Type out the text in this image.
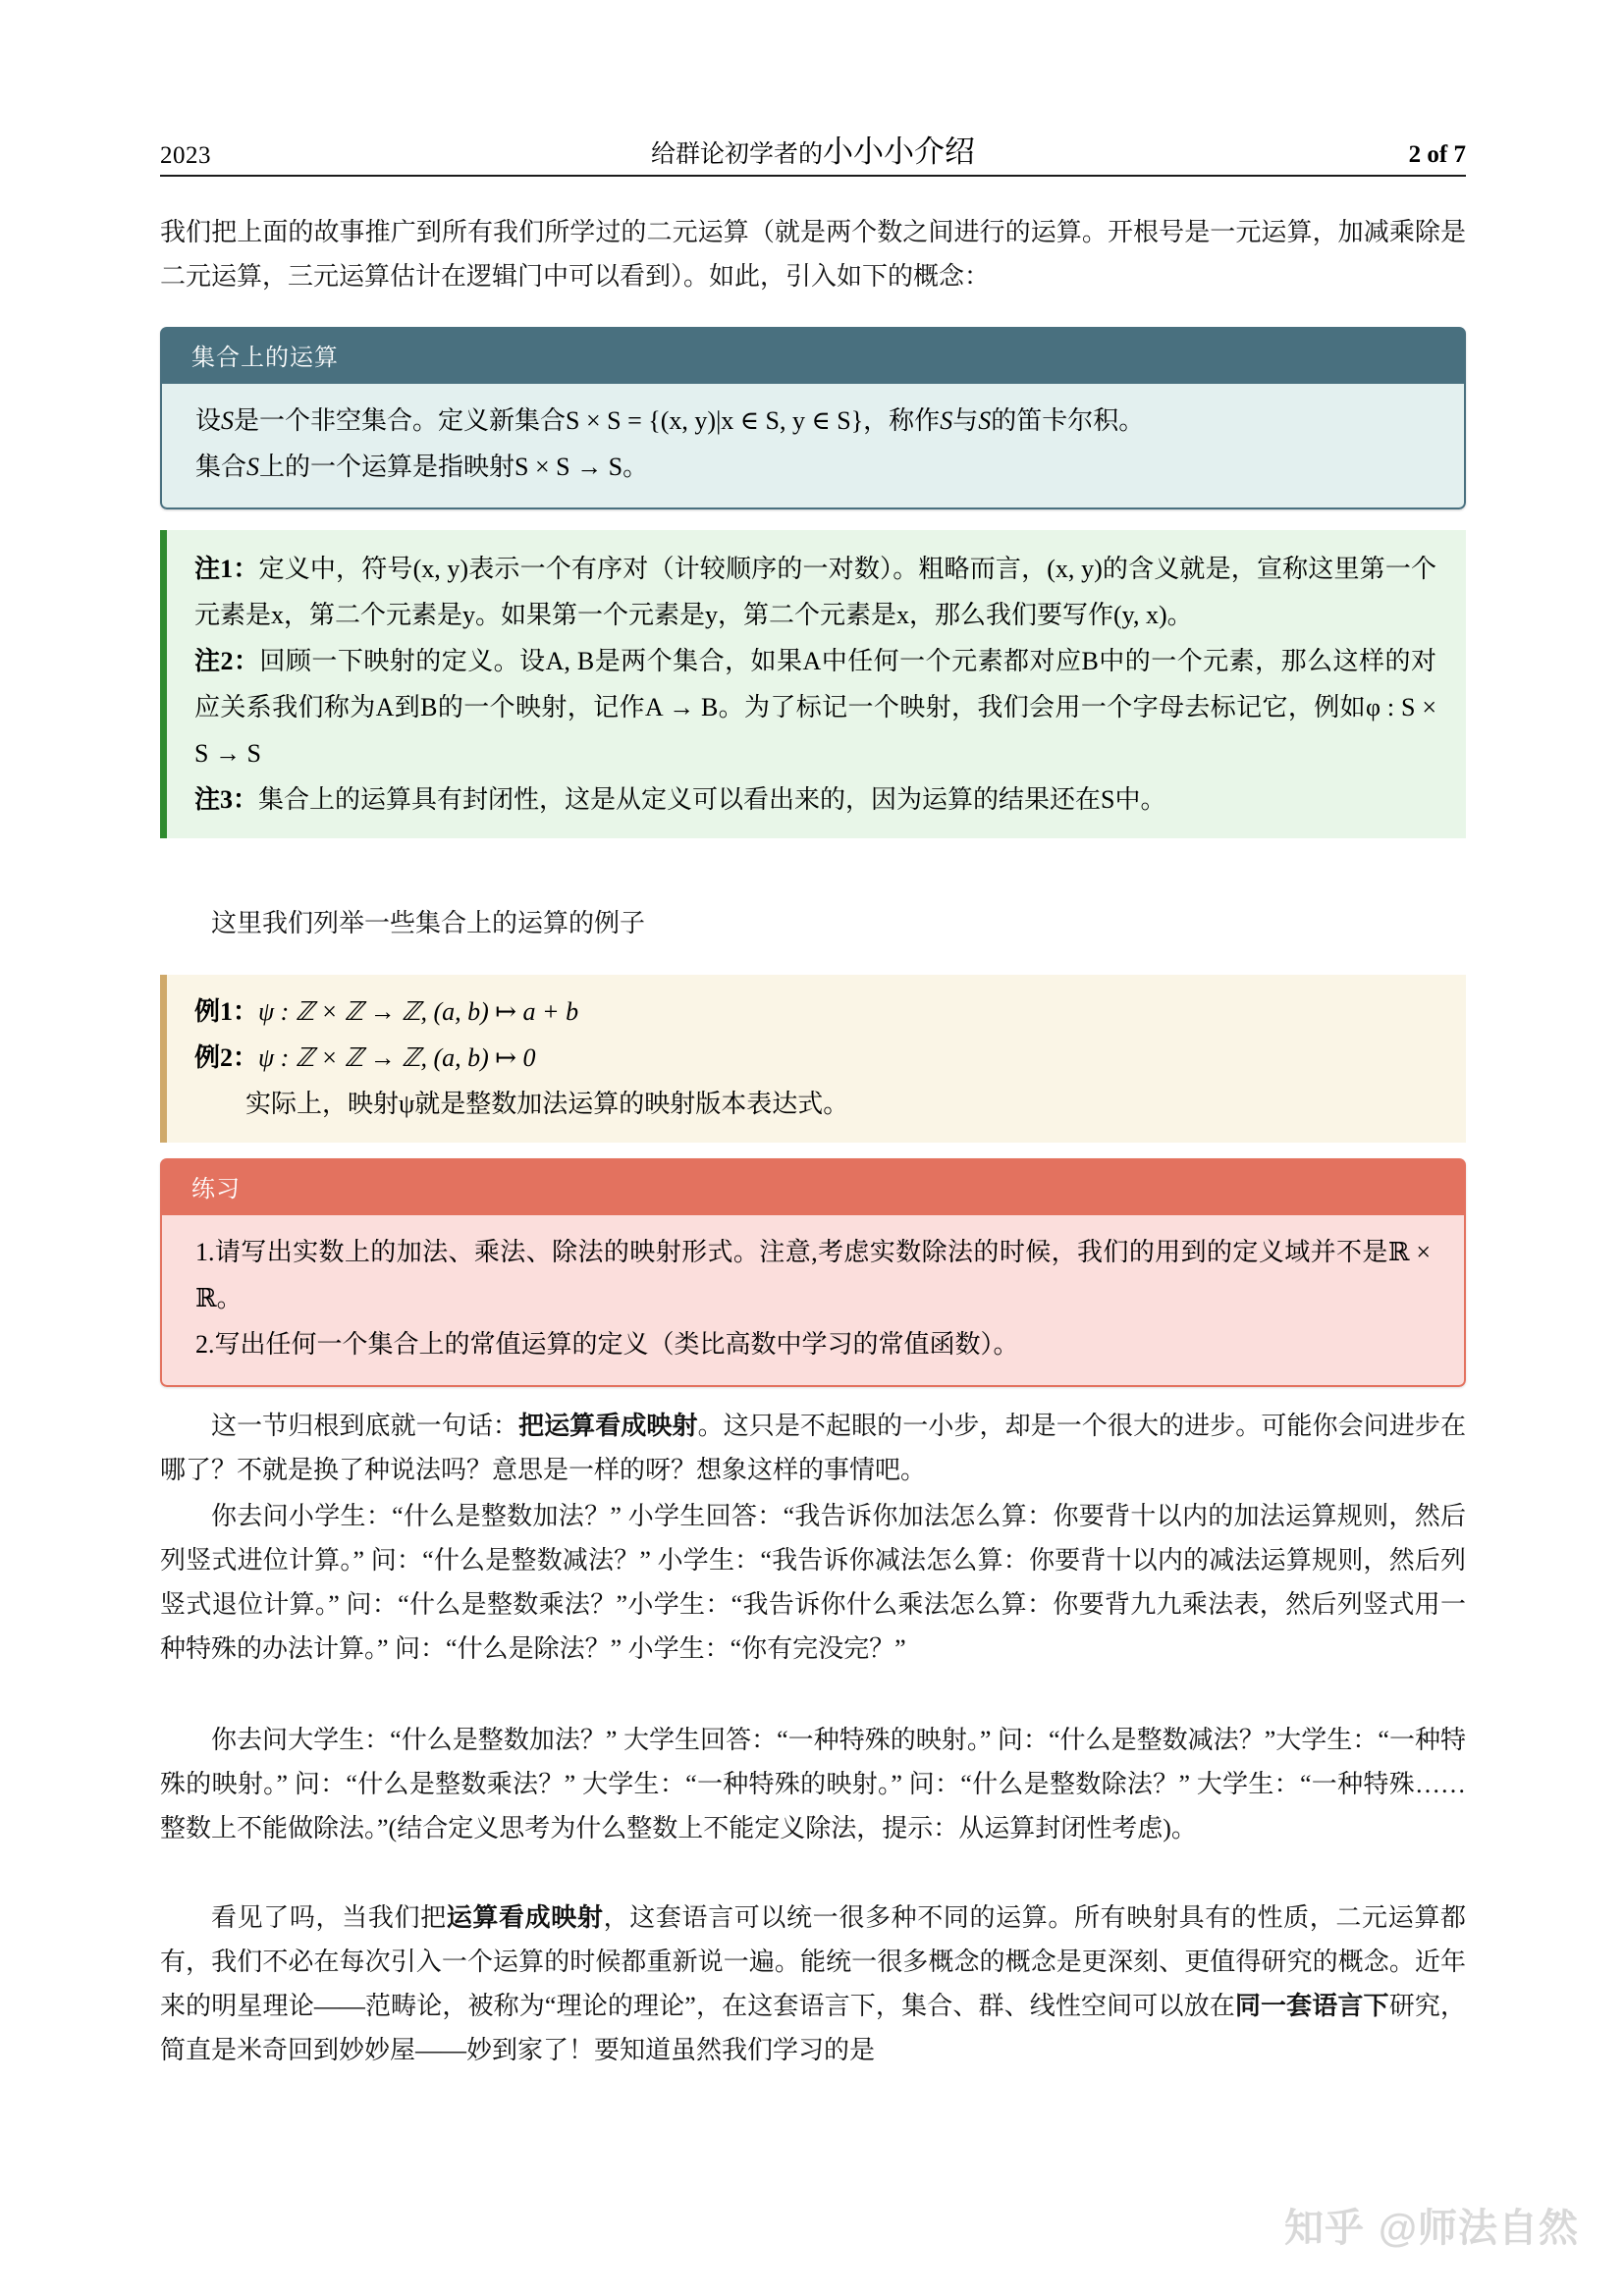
2023	给群论初学者的小小小介绍	2 of 7
我们把上面的故事推广到所有我们所学过的二元运算（就是两个数之间进行的运算。开根号是一元运算，加减乘除是二元运算，三元运算估计在逻辑门中可以看到）。如此，引入如下的概念：
集合上的运算
设S是一个非空集合。定义新集合S × S = {(x, y)|x ∈ S, y ∈ S}，称作S与S的笛卡尔积。
集合S上的一个运算是指映射S × S → S。
注1：定义中，符号(x, y)表示一个有序对（计较顺序的一对数）。粗略而言，(x, y)的含义就是，宣称这里第一个元素是x，第二个元素是y。如果第一个元素是y，第二个元素是x，那么我们要写作(y, x)。
注2：回顾一下映射的定义。设A, B是两个集合，如果A中任何一个元素都对应B中的一个元素，那么这样的对应关系我们称为A到B的一个映射，记作A → B。为了标记一个映射，我们会用一个字母去标记它，例如φ : S × S → S
注3：集合上的运算具有封闭性，这是从定义可以看出来的，因为运算的结果还在S中。
这里我们列举一些集合上的运算的例子
例1：ψ : ℤ × ℤ → ℤ, (a, b) ↦ a + b
例2：ψ : ℤ × ℤ → ℤ, (a, b) ↦ 0
实际上，映射ψ就是整数加法运算的映射版本表达式。
练习
1.请写出实数上的加法、乘法、除法的映射形式。注意,考虑实数除法的时候，我们的用到的定义域并不是ℝ × ℝ。
2.写出任何一个集合上的常值运算的定义（类比高数中学习的常值函数）。
这一节归根到底就一句话：把运算看成映射。这只是不起眼的一小步，却是一个很大的进步。可能你会问进步在哪了？不就是换了种说法吗？意思是一样的呀？想象这样的事情吧。
你去问小学生：“什么是整数加法？” 小学生回答：“我告诉你加法怎么算：你要背十以内的加法运算规则，然后列竖式进位计算。” 问：“什么是整数减法？” 小学生：“我告诉你减法怎么算：你要背十以内的减法运算规则，然后列竖式退位计算。” 问：“什么是整数乘法？”小学生：“我告诉你什么乘法怎么算：你要背九九乘法表，然后列竖式用一种特殊的办法计算。” 问：“什么是除法？” 小学生：“你有完没完？”
你去问大学生：“什么是整数加法？” 大学生回答：“一种特殊的映射。” 问：“什么是整数减法？”大学生：“一种特殊的映射。” 问：“什么是整数乘法？” 大学生：“一种特殊的映射。” 问：“什么是整数除法？” 大学生：“一种特殊……整数上不能做除法。”(结合定义思考为什么整数上不能定义除法，提示：从运算封闭性考虑)。
看见了吗，当我们把运算看成映射，这套语言可以统一很多种不同的运算。所有映射具有的性质，二元运算都有，我们不必在每次引入一个运算的时候都重新说一遍。能统一很多概念的概念是更深刻、更值得研究的概念。近年来的明星理论——范畴论，被称为“理论的理论”，在这套语言下，集合、群、线性空间可以放在同一套语言下研究，简直是米奇回到妙妙屋——妙到家了！要知道虽然我们学习的是
知乎 @师法自然
